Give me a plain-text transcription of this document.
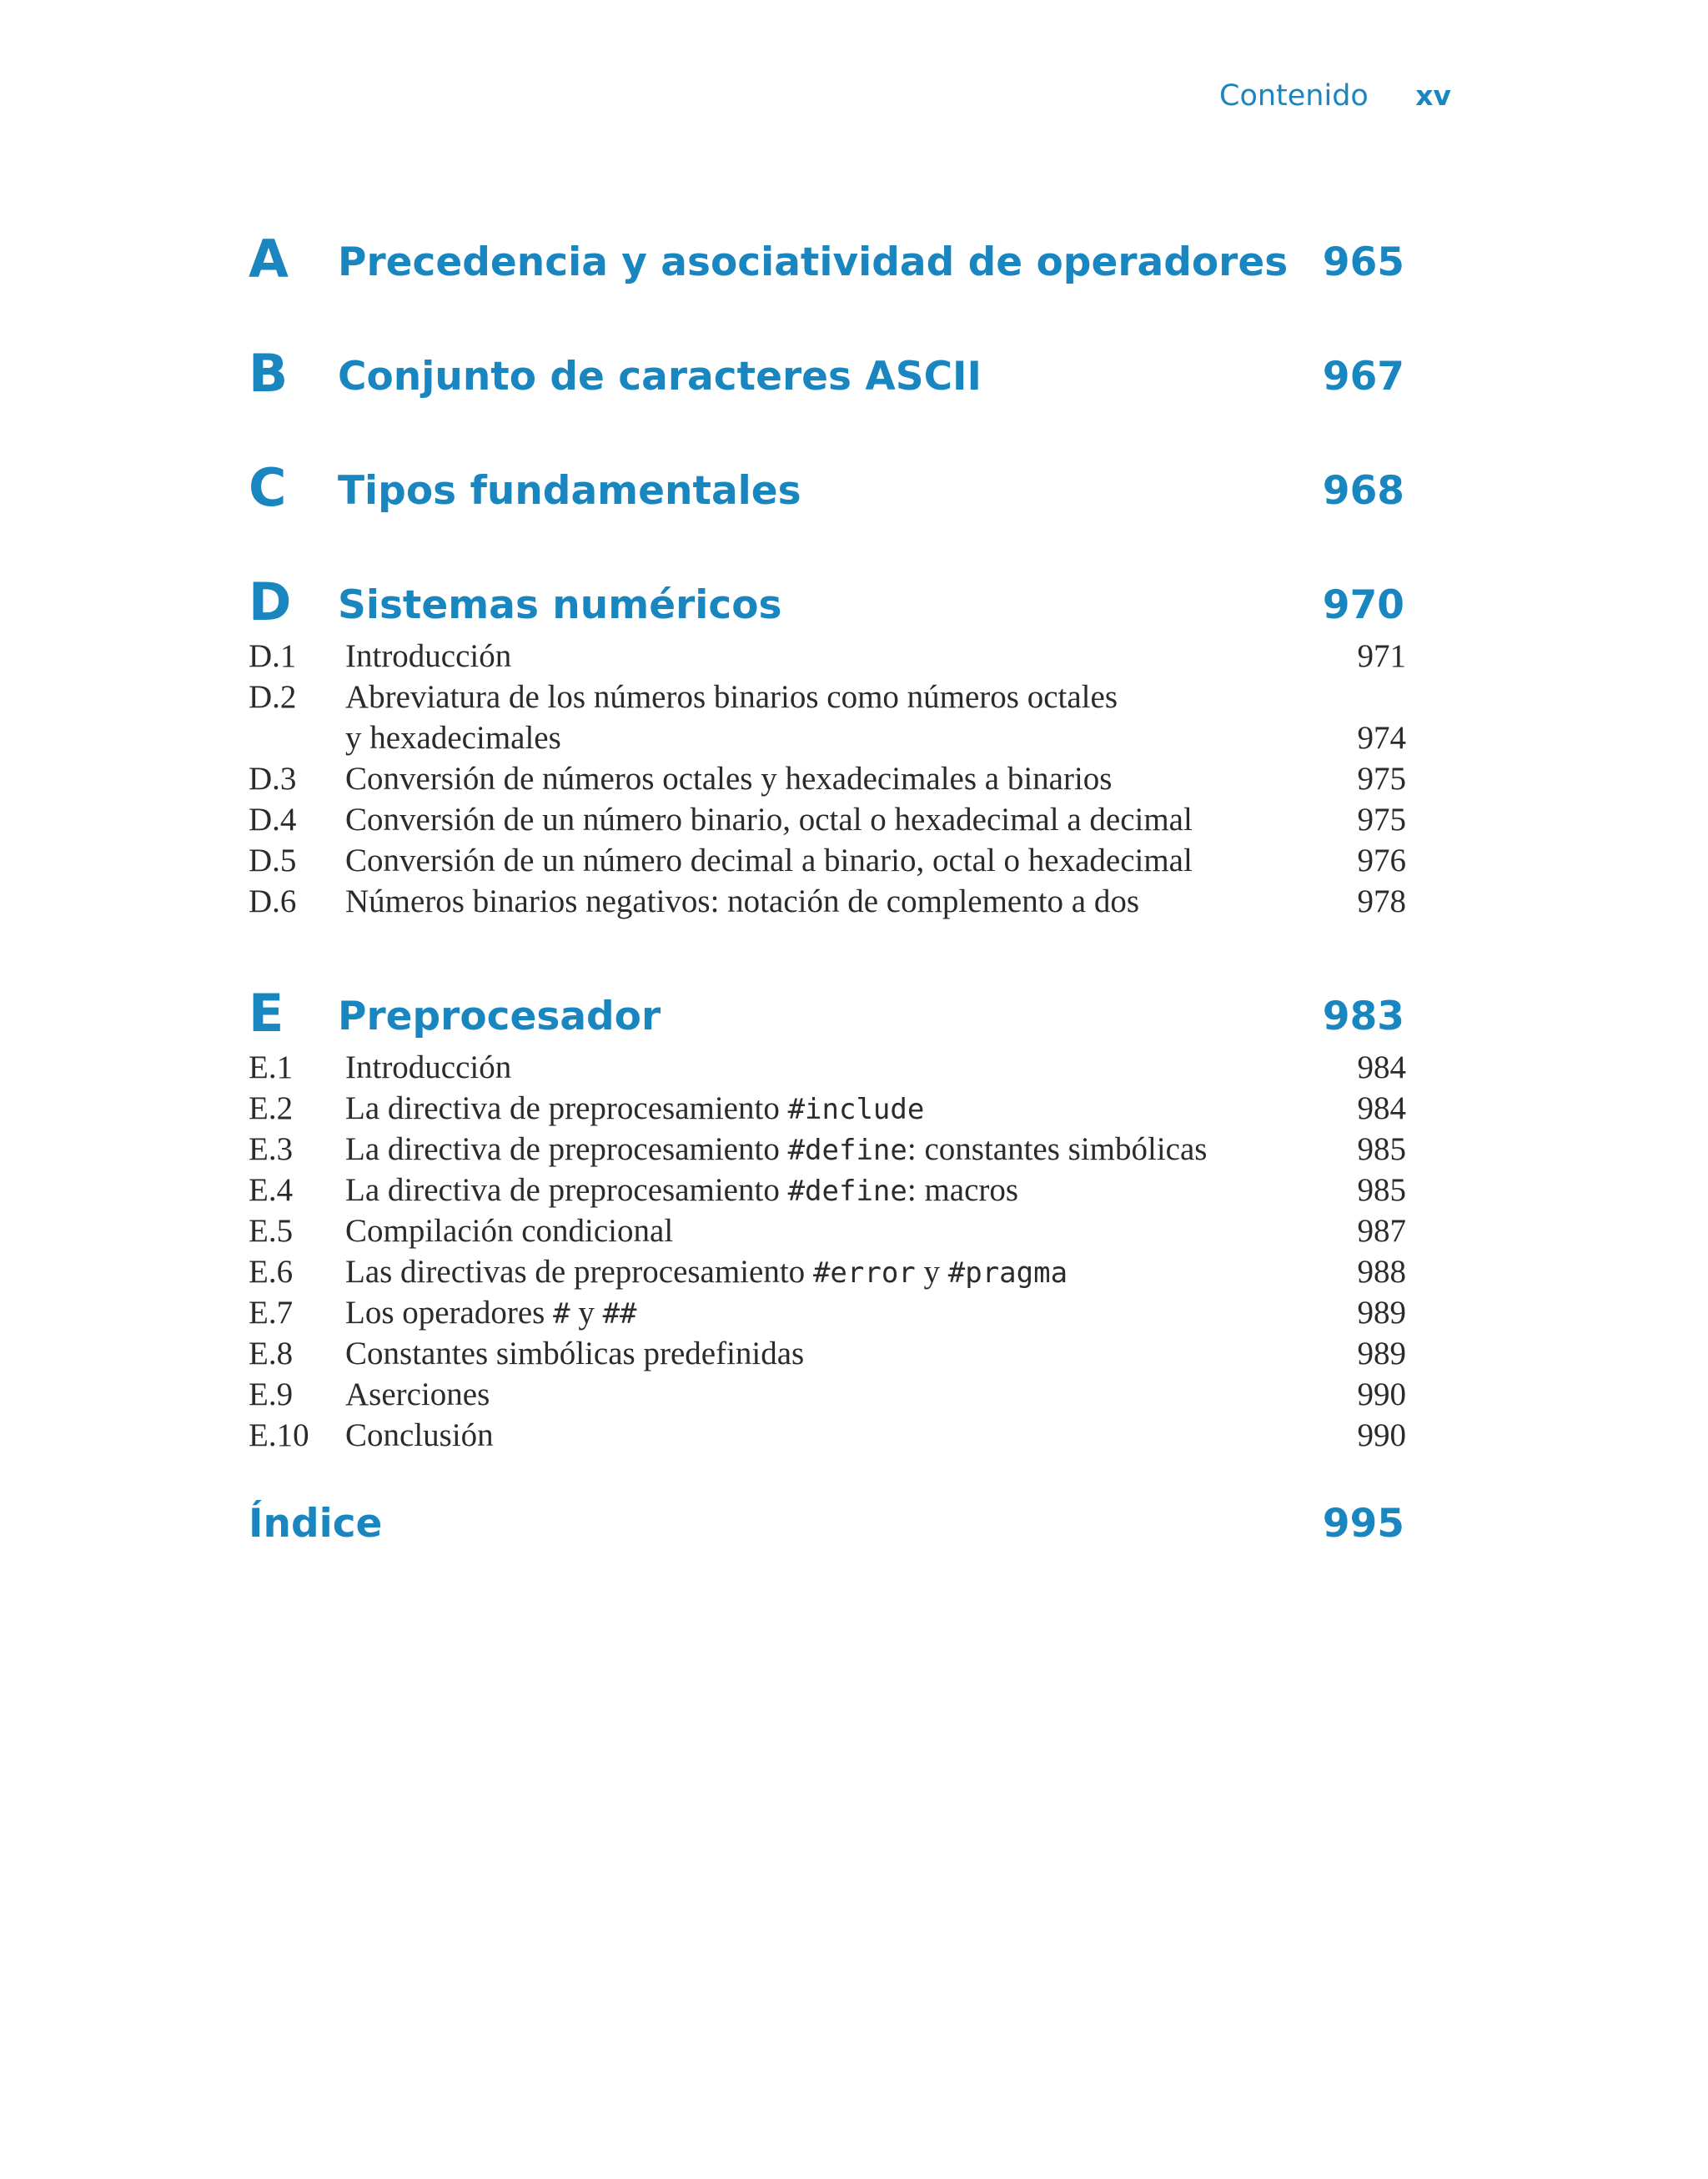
Contenido xv
A Precedencia y asociatividad de operadores 965
B Conjunto de caracteres ASCII	967
C Tipos fundamentales	968
D Sistemas numéricos	970
D.1 Introducción	971
D.2 Abreviatura de los números binarios como números octales
y hexadecimales	974
D.3 Conversión de números octales y hexadecimales a binarios	975
D.4 Conversión de un número binario, octal o hexadecimal a decimal	975
D.5 Conversión de un número decimal a binario, octal o hexadecimal	976
D.6 Números binarios negativos: notación de complemento a dos	978
E Preprocesador	983
E.1 Introducción	984
E.2 La directiva de preprocesamiento #include	984
E.3 La directiva de preprocesamiento #define: constantes simbólicas	985
E.4 La directiva de preprocesamiento #define: macros	985
E.5 Compilación condicional	987
E.6 Las directivas de preprocesamiento #error y #pragma	988
E.7 Los operadores # y ##	989
E.8 Constantes simbólicas predefinidas	989
E.9 Aserciones	990
E.10 Conclusión	990
Índice	995
